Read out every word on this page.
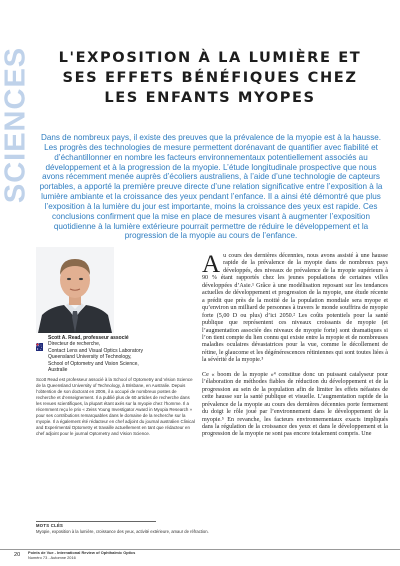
SCIENCES	L'EXPOSITION À LA LUMIÈRE ET
SES EFFETS BÉNÉFIQUES CHEZ
LES ENFANTS MYOPES
Dans de nombreux pays, il existe des preuves que la prévalence de la myopie est à la hausse. Les progrès des technologies de mesure permettent dorénavant de quantifier avec fiabilité et d’échantillonner en nombre les facteurs environnementaux potentiellement associés au développement et à la progression de la myopie. L’étude longitudinale prospective que nous avons récemment menée auprès d’écoliers australiens, à l’aide d’une technologie de capteurs portables, a apporté la première preuve directe d’une relation significative entre l’exposition à la lumière ambiante et la croissance des yeux pendant l’enfance. Il a ainsi été démontré que plus l’exposition à la lumière du jour est importante, moins la croissance des yeux est rapide. Ces conclusions confirment que la mise en place de mesures visant à augmenter l’exposition quotidienne à la lumière extérieure pourrait permettre de réduire le développement et la progression de la myopie au cours de l’enfance.
Scott A. Read, professeur associé
Directeur de recherche,
Contact Lens and Visual Optics Laboratory
Queensland University of Technology,
School of Optometry and Vision Science,
Australie
Scott Read est professeur associé à la School of Optometry and Vision Science de la Queensland University of Technology, à Brisbane, en Australie. Depuis l’obtention de son doctorat en 2006, il a occupé de nombreux postes de recherche et d’enseignement. Il a publié plus de 60 articles de recherche dans les revues scientifiques, la plupart étant axés sur la myopie chez l’homme. Il a récemment reçu le prix « Zeiss Young Investigator Award in Myopia Research » pour ses contributions remarquables dans le domaine de la recherche sur la myopie. Il a également été rédacteur en chef adjoint du journal australien Clinical and Experimental Optometry et travaille actuellement en tant que rédacteur en chef adjoint pour le journal Optometry and Vision Science.

Au cours des dernières décennies, nous avons assisté à une hausse rapide de la prévalence de la myopie dans de nombreux pays développés, des niveaux de prévalence de la myopie supérieurs à 90 % étant rapportés chez les jeunes populations de certaines villes développées d’Asie.¹ Grâce à une modélisation reposant sur les tendances actuelles de développement et progression de la myopie, une étude récente a prédit que près de la moitié de la population mondiale sera myope et qu’environ un milliard de personnes à travers le monde souffrira de myopie forte (5,00 D ou plus) d’ici 2050.² Les coûts potentiels pour la santé publique que représentent ces niveaux croissants de myopie (et l’augmentation associée des niveaux de myopie forte) sont dramatiques si l’on tient compte du lien connu qui existe entre la myopie et de nombreuses maladies oculaires dévastatrices pour la vue, comme le décollement de rétine, le glaucome et les dégénérescences rétiniennes qui sont toutes liées à la sévérité de la myopie.³

Ce « boom de la myopie »⁴ constitue donc un puissant catalyseur pour l’élaboration de méthodes fiables de réduction du développement et de la progression au sein de la population afin de limiter les effets néfastes de cette hausse sur la santé publique et visuelle. L’augmentation rapide de la prévalence de la myopie au cours des dernières décennies porte fermement du doigt le rôle joué par l’environnement dans le développement de la myopie.⁵ En revanche, les facteurs environnementaux exacts impliqués dans la régulation de la croissance des yeux et dans le développement et la progression de la myopie ne sont pas encore totalement compris. Une

MOTS CLÉS
Myopie, exposition à la lumière, croissance des yeux, activité extérieure, amaur de réfraction.
20 Points de Vue - International Review of Ophthalmic Optics
Numéro 73 - Automne 2016
